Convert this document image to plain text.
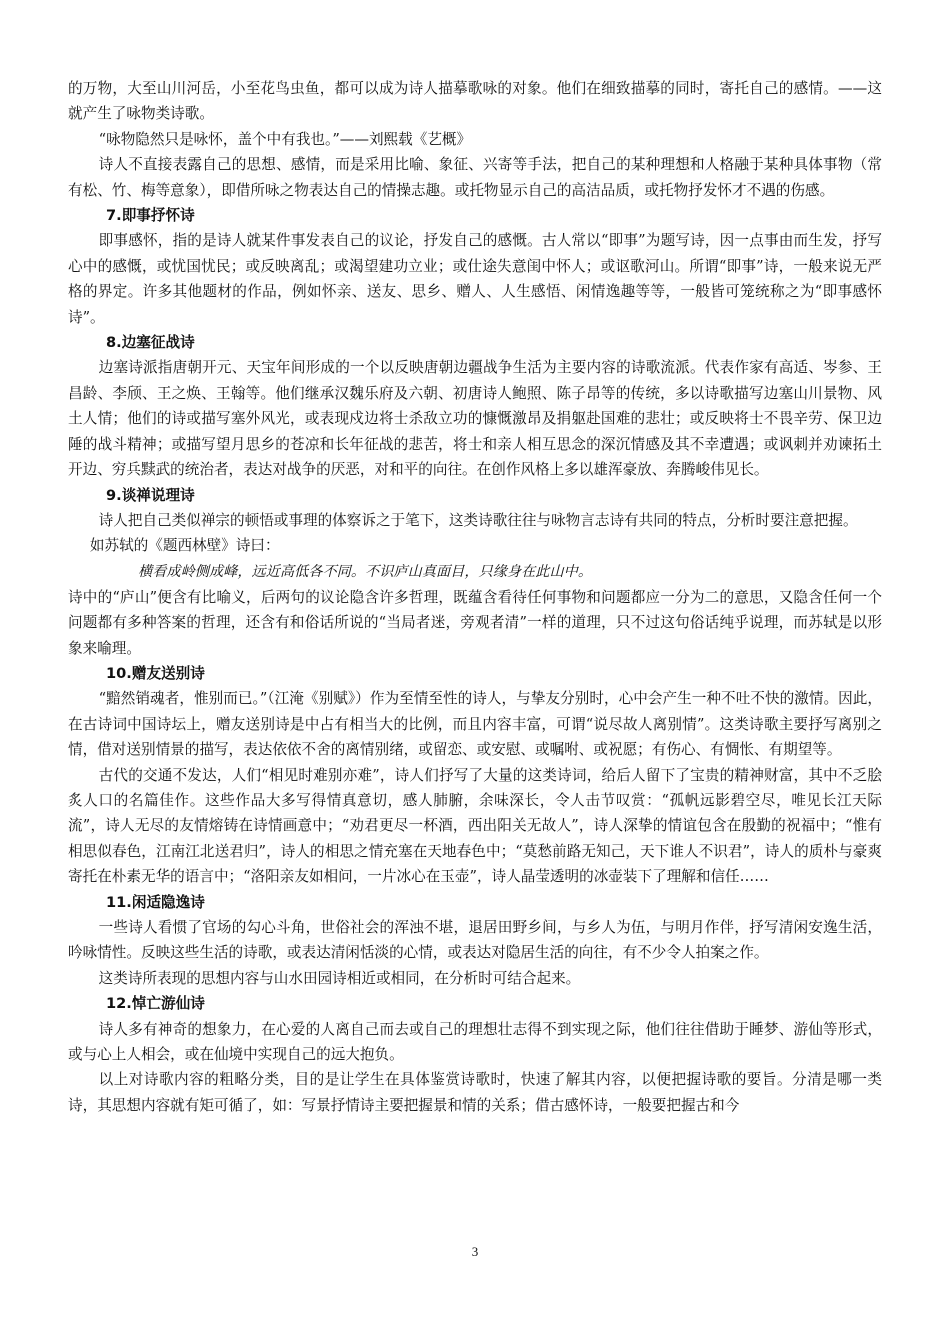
的万物，大至山川河岳，小至花鸟虫鱼，都可以成为诗人描摹歌咏的对象。他们在细致描摹的同时，寄托自己的感情。——这就产生了咏物类诗歌。

“咏物隐然只是咏怀，盖个中有我也。”——刘熙载《艺概》

诗人不直接表露自己的思想、感情，而是采用比喻、象征、兴寄等手法，把自己的某种理想和人格融于某种具体事物（常有松、竹、梅等意象），即借所咏之物表达自己的情操志趣。或托物显示自己的高洁品质，或托物抒发怀才不遇的伤感。

7.即事抒怀诗

即事感怀，指的是诗人就某件事发表自己的议论，抒发自己的感慨。古人常以“即事”为题写诗，因一点事由而生发，抒写心中的感慨，或忧国忧民；或反映离乱；或渴望建功立业；或仕途失意闺中怀人；或讴歌河山。所谓“即事”诗，一般来说无严格的界定。许多其他题材的作品，例如怀亲、送友、思乡、赠人、人生感悟、闲情逸趣等等，一般皆可笼统称之为“即事感怀诗”。

8.边塞征战诗

边塞诗派指唐朝开元、天宝年间形成的一个以反映唐朝边疆战争生活为主要内容的诗歌流派。代表作家有高适、岑参、王昌龄、李颀、王之焕、王翰等。他们继承汉魏乐府及六朝、初唐诗人鲍照、陈子昂等的传统，多以诗歌描写边塞山川景物、风土人情；他们的诗或描写塞外风光，或表现戍边将士杀敌立功的慷慨激昂及捐躯赴国难的悲壮；或反映将士不畏辛劳、保卫边陲的战斗精神；或描写望月思乡的苍凉和长年征战的悲苦，将士和亲人相互思念的深沉情感及其不幸遭遇；或讽刺并劝谏拓土开边、穷兵黩武的统治者，表达对战争的厌恶，对和平的向往。在创作风格上多以雄浑豪放、奔腾峻伟见长。

9.谈禅说理诗

诗人把自己类似禅宗的顿悟或事理的体察诉之于笔下，这类诗歌往往与咏物言志诗有共同的特点，分析时要注意把握。

如苏轼的《题西林壁》诗曰：

横看成岭侧成峰，远近高低各不同。不识庐山真面目，只缘身在此山中。

诗中的“庐山”便含有比喻义，后两句的议论隐含许多哲理，既蕴含看待任何事物和问题都应一分为二的意思，又隐含任何一个问题都有多种答案的哲理，还含有和俗话所说的“当局者迷，旁观者清”一样的道理，只不过这句俗话纯乎说理，而苏轼是以形象来喻理。

10.赠友送别诗

“黯然销魂者，惟别而已。”（江淹《别赋》）作为至情至性的诗人，与挚友分别时，心中会产生一种不吐不快的激情。因此，在古诗词中国诗坛上，赠友送别诗是中占有相当大的比例，而且内容丰富，可谓“说尽故人离别情”。这类诗歌主要抒写离别之情，借对送别情景的描写，表达依依不舍的离情别绪，或留恋、或安慰、或嘱咐、或祝愿；有伤心、有惆怅、有期望等。

古代的交通不发达，人们“相见时难别亦难”，诗人们抒写了大量的这类诗词，给后人留下了宝贵的精神财富，其中不乏脍炙人口的名篇佳作。这些作品大多写得情真意切，感人肺腑，余味深长，令人击节叹赏：“孤帆远影碧空尽，唯见长江天际流”，诗人无尽的友情熔铸在诗情画意中；“劝君更尽一杯酒，西出阳关无故人”，诗人深挚的情谊包含在殷勤的祝福中；“惟有相思似春色，江南江北送君归”，诗人的相思之情充塞在天地春色中；“莫愁前路无知己，天下谁人不识君”，诗人的质朴与豪爽寄托在朴素无华的语言中；“洛阳亲友如相问，一片冰心在玉壶”，诗人晶莹透明的冰壶装下了理解和信任……

11.闲适隐逸诗

一些诗人看惯了官场的勾心斗角，世俗社会的浑浊不堪，退居田野乡间，与乡人为伍，与明月作伴，抒写清闲安逸生活，吟咏情性。反映这些生活的诗歌，或表达清闲恬淡的心情，或表达对隐居生活的向往，有不少令人拍案之作。

这类诗所表现的思想内容与山水田园诗相近或相同，在分析时可结合起来。

12.悼亡游仙诗

诗人多有神奇的想象力，在心爱的人离自己而去或自己的理想壮志得不到实现之际，他们往往借助于睡梦、游仙等形式，或与心上人相会，或在仙境中实现自己的远大抱负。

以上对诗歌内容的粗略分类，目的是让学生在具体鉴赏诗歌时，快速了解其内容，以便把握诗歌的要旨。分清是哪一类诗，其思想内容就有矩可循了，如：写景抒情诗主要把握景和情的关系；借古感怀诗，一般要把握古和今

3
